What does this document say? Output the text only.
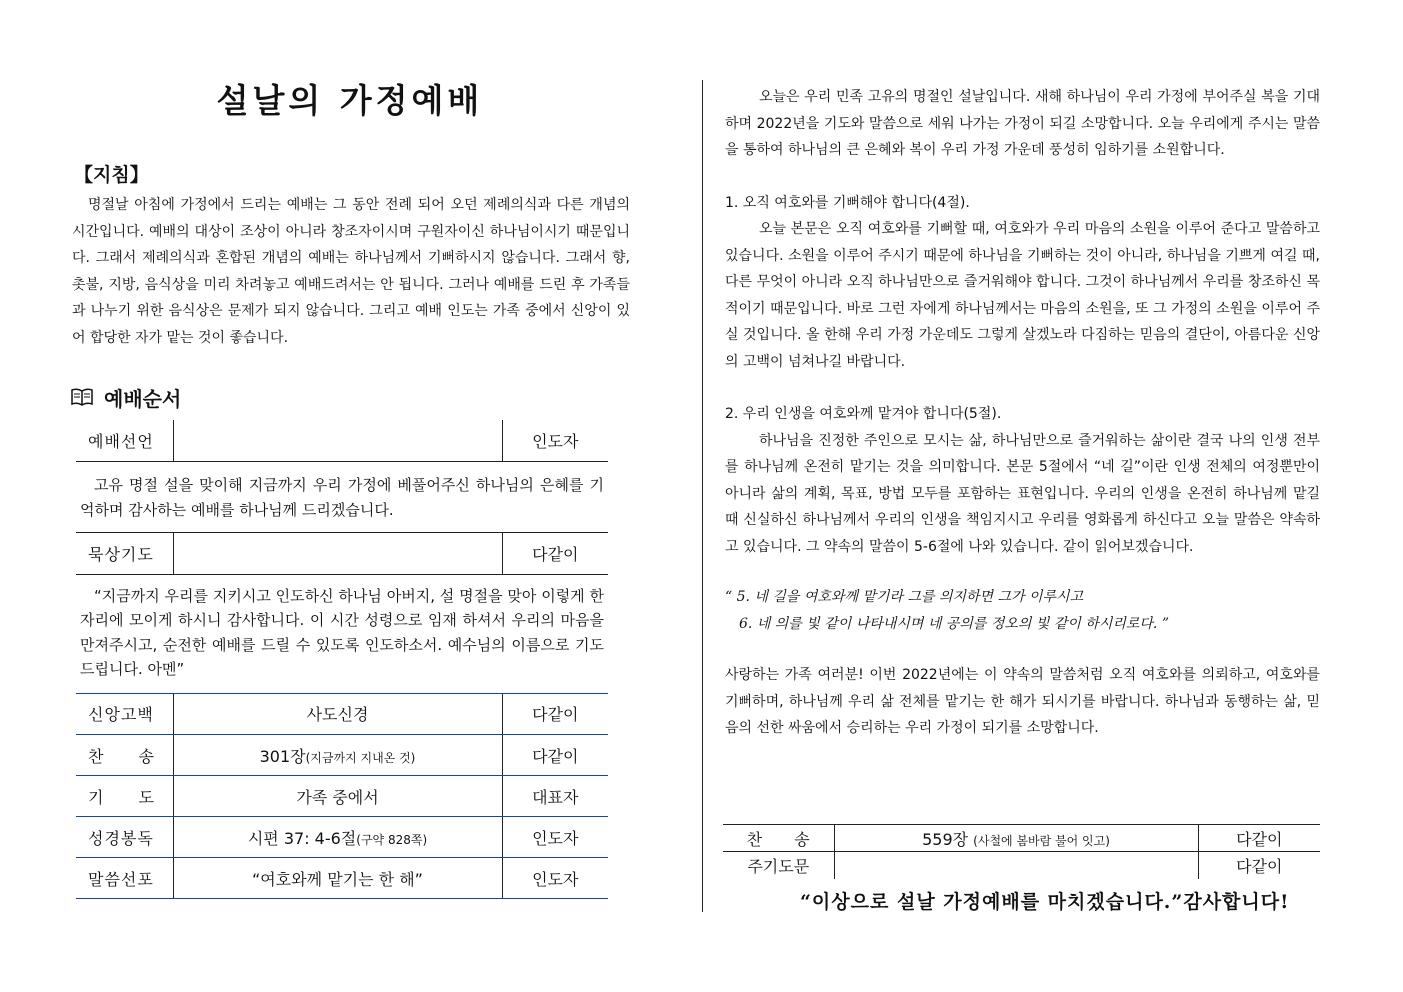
설날의 가정예배
【지침】

명절날 아침에 가정에서 드리는 예배는 그 동안 전례 되어 오던 제례의식과 다른 개념의 시간입니다. 예배의 대상이 조상이 아니라 창조자이시며 구원자이신 하나님이시기 때문입니다. 그래서 제례의식과 혼합된 개념의 예배는 하나님께서 기뻐하시지 않습니다. 그래서 향, 촛불, 지방, 음식상을 미리 차려놓고 예배드려서는 안 됩니다. 그러나 예배를 드린 후 가족들과 나누기 위한 음식상은 문제가 되지 않습니다. 그리고 예배 인도는 가족 중에서 신앙이 있어 합당한 자가 맡는 것이 좋습니다.

예배순서
예배선언		인도자

고유 명절 설을 맞이해 지금까지 우리 가정에 베풀어주신 하나님의 은혜를 기억하며 감사하는 예배를 하나님께 드리겠습니다.

묵상기도		다같이

“지금까지 우리를 지키시고 인도하신 하나님 아버지, 설 명절을 맞아 이렇게 한 자리에 모이게 하시니 감사합니다. 이 시간 성령으로 임재 하셔서 우리의 마음을 만져주시고, 순전한 예배를 드릴 수 있도록 인도하소서. 예수님의 이름으로 기도드립니다. 아멘”

신앙고백	사도신경	다같이
찬　　송	301장(지금까지 지내온 것)	다같이
기　　도	가족 중에서	대표자
성경봉독	시편 37: 4-6절(구약 828쪽)	인도자
말씀선포	“여호와께 맡기는 한 해”	인도자

오늘은 우리 민족 고유의 명절인 설날입니다. 새해 하나님이 우리 가정에 부어주실 복을 기대하며 2022년을 기도와 말씀으로 세워 나가는 가정이 되길 소망합니다. 오늘 우리에게 주시는 말씀을 통하여 하나님의 큰 은혜와 복이 우리 가정 가운데 풍성히 임하기를 소원합니다.

1. 오직 여호와를 기뻐해야 합니다(4절).

오늘 본문은 오직 여호와를 기뻐할 때, 여호와가 우리 마음의 소원을 이루어 준다고 말씀하고 있습니다. 소원을 이루어 주시기 때문에 하나님을 기뻐하는 것이 아니라, 하나님을 기쁘게 여길 때, 다른 무엇이 아니라 오직 하나님만으로 즐거워해야 합니다. 그것이 하나님께서 우리를 창조하신 목적이기 때문입니다. 바로 그런 자에게 하나님께서는 마음의 소원을, 또 그 가정의 소원을 이루어 주실 것입니다. 올 한해 우리 가정 가운데도 그렇게 살겠노라 다짐하는 믿음의 결단이, 아름다운 신앙의 고백이 넘쳐나길 바랍니다.

2. 우리 인생을 여호와께 맡겨야 합니다(5절).

하나님을 진정한 주인으로 모시는 삶, 하나님만으로 즐거워하는 삶이란 결국 나의 인생 전부를 하나님께 온전히 맡기는 것을 의미합니다. 본문 5절에서 “네 길”이란 인생 전체의 여정뿐만이 아니라 삶의 계획, 목표, 방법 모두를 포함하는 표현입니다. 우리의 인생을 온전히 하나님께 맡길 때 신실하신 하나님께서 우리의 인생을 책임지시고 우리를 영화롭게 하신다고 오늘 말씀은 약속하고 있습니다. 그 약속의 말씀이 5-6절에 나와 있습니다. 같이 읽어보겠습니다.

“ 5. 네 길을 여호와께 맡기라 그를 의지하면 그가 이루시고
6. 네 의를 빛 같이 나타내시며 네 공의를 정오의 빛 같이 하시리로다. ”

사랑하는 가족 여러분! 이번 2022년에는 이 약속의 말씀처럼 오직 여호와를 의뢰하고, 여호와를 기뻐하며, 하나님께 우리 삶 전체를 맡기는 한 해가 되시기를 바랍니다. 하나님과 동행하는 삶, 믿음의 선한 싸움에서 승리하는 우리 가정이 되기를 소망합니다.

찬　　송	559장 (사철에 봄바람 불어 잇고)	다같이
주기도문		다같이
“이상으로 설날 가정예배를 마치겠습니다.”감사합니다!
